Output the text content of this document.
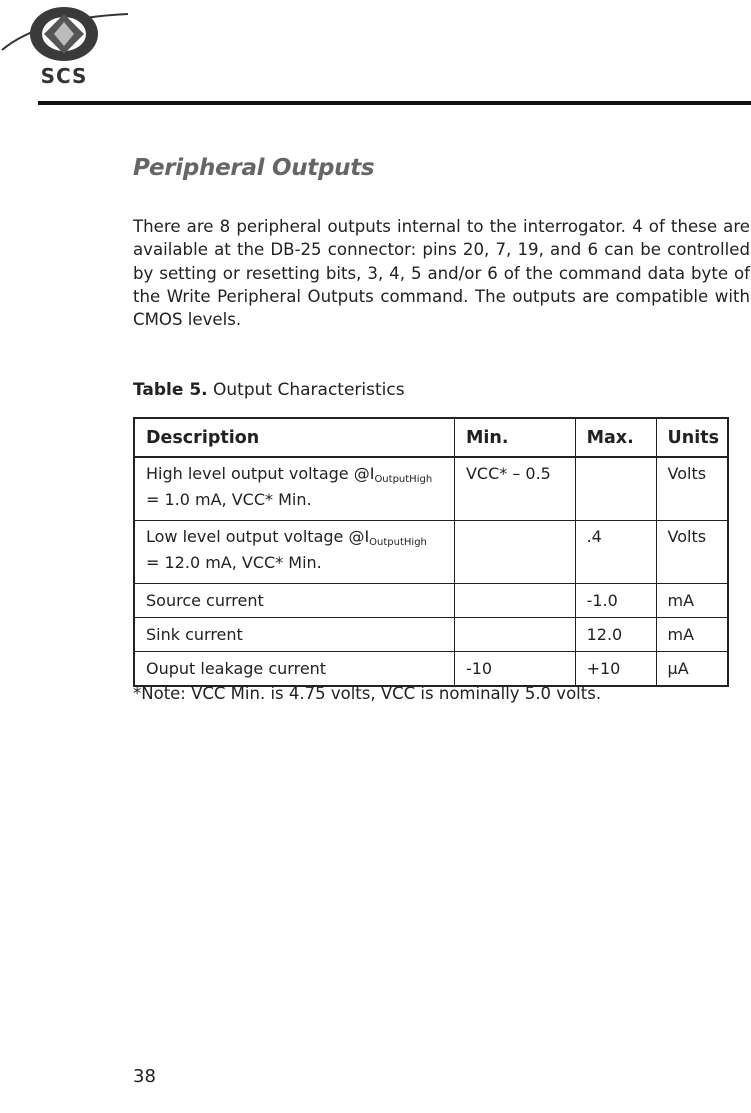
SCS
Peripheral Outputs

There are 8 peripheral outputs internal to the interrogator. 4 of these are available at the DB-25 connector: pins 20, 7, 19, and 6 can be controlled by setting or resetting bits, 3, 4, 5 and/or 6 of the command data byte of the Write Peripheral Outputs command. The outputs are compatible with CMOS levels.

Table 5. Output Characteristics

Description	Min.	Max.	Units
High level output voltage $@I_{OutputHigh}$
= 1.0 mA, VCC* Min.	VCC* – 0.5		Volts
Low level output voltage $@I_{OutputHigh}$
= 12.0 mA, VCC* Min.		.4	Volts
Source current		-1.0	mA
Sink current		12.0	mA
Ouput leakage current	-10	+10	µA

*Note: VCC Min. is 4.75 volts, VCC is nominally 5.0 volts.

38
